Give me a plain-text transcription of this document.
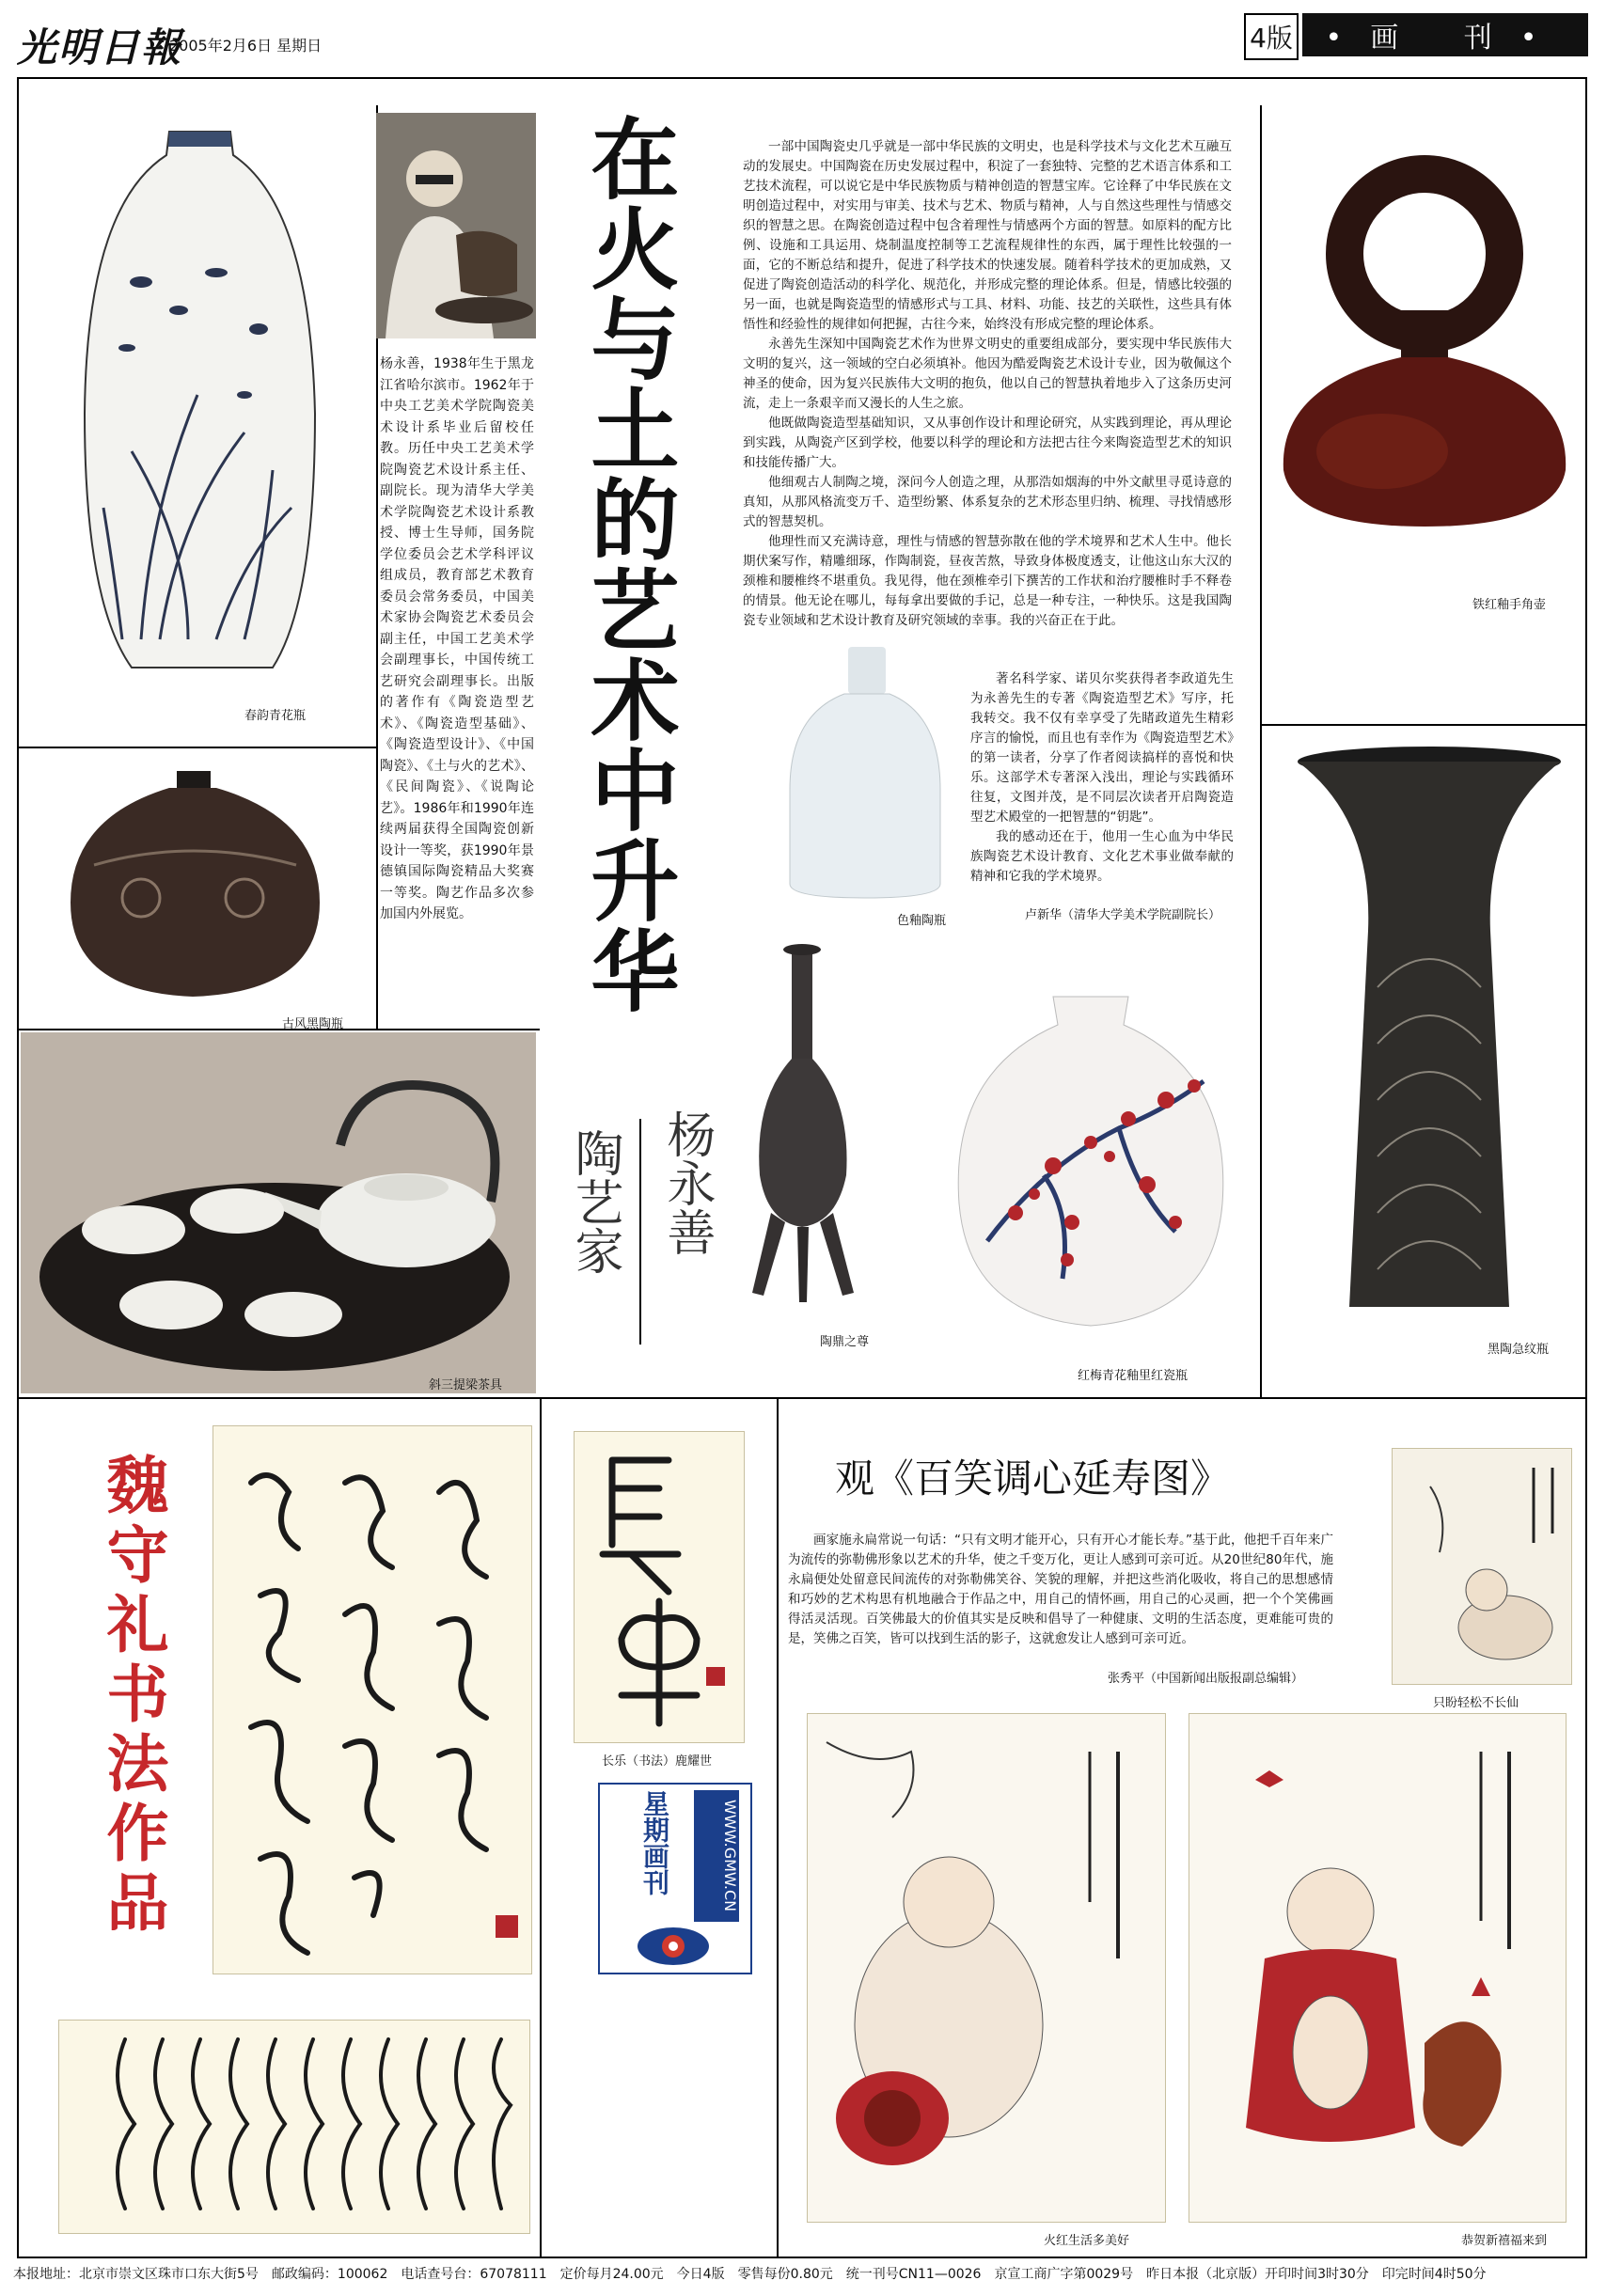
光明日報
2005年2月6日 星期日	4版	•画 刊•
春韵青花瓶

杨永善，1938年生于黑龙江省哈尔滨市。1962年于中央工艺美术学院陶瓷美术设计系毕业后留校任教。历任中央工艺美术学院陶瓷艺术设计系主任、副院长。现为清华大学美术学院陶瓷艺术设计系教授、博士生导师，国务院学位委员会艺术学科评议组成员，教育部艺术教育委员会常务委员，中国美术家协会陶瓷艺术委员会副主任，中国工艺美术学会副理事长，中国传统工艺研究会副理事长。出版的著作有《陶瓷造型艺术》、《陶瓷造型基础》、《陶瓷造型设计》、《中国陶瓷》、《土与火的艺术》、《民间陶瓷》、《说陶论艺》。1986年和1990年连续两届获得全国陶瓷创新设计一等奖，获1990年景德镇国际陶瓷精品大奖赛一等奖。陶艺作品多次参加国内外展览。

古风黑陶瓶
斜三提梁茶具
在火与土的艺术中升华
杨永善
陶艺家

一部中国陶瓷史几乎就是一部中华民族的文明史，也是科学技术与文化艺术互融互动的发展史。中国陶瓷在历史发展过程中，积淀了一套独特、完整的艺术语言体系和工艺技术流程，可以说它是中华民族物质与精神创造的智慧宝库。它诠释了中华民族在文明创造过程中，对实用与审美、技术与艺术、物质与精神，人与自然这些理性与情感交织的智慧之思。在陶瓷创造过程中包含着理性与情感两个方面的智慧。如原料的配方比例、设施和工具运用、烧制温度控制等工艺流程规律性的东西，属于理性比较强的一面，它的不断总结和提升，促进了科学技术的快速发展。随着科学技术的更加成熟，又促进了陶瓷创造活动的科学化、规范化，并形成完整的理论体系。但是，情感比较强的另一面，也就是陶瓷造型的情感形式与工具、材料、功能、技艺的关联性，这些具有体悟性和经验性的规律如何把握，古往今来，始终没有形成完整的理论体系。

永善先生深知中国陶瓷艺术作为世界文明史的重要组成部分，要实现中华民族伟大文明的复兴，这一领域的空白必须填补。他因为酷爱陶瓷艺术设计专业，因为敬佩这个神圣的使命，因为复兴民族伟大文明的抱负，他以自己的智慧执着地步入了这条历史河流，走上一条艰辛而又漫长的人生之旅。

他既做陶瓷造型基础知识，又从事创作设计和理论研究，从实践到理论，再从理论到实践，从陶瓷产区到学校，他要以科学的理论和方法把古往今来陶瓷造型艺术的知识和技能传播广大。

他细观古人制陶之境，深问今人创造之理，从那浩如烟海的中外文献里寻觅诗意的真知，从那风格流变万千、造型纷繁、体系复杂的艺术形态里归纳、梳理、寻找情感形式的智慧契机。

他理性而又充满诗意，理性与情感的智慧弥散在他的学术境界和艺术人生中。他长期伏案写作，精雕细琢，作陶制瓷，昼夜苦熬，导致身体极度透支，让他这山东大汉的颈椎和腰椎终不堪重负。我见得，他在颈椎牵引下撰苦的工作状和治疗腰椎时手不释卷的情景。他无论在哪儿，每每拿出要做的手记，总是一种专注，一种快乐。这是我国陶瓷专业领域和艺术设计教育及研究领域的幸事。我的兴奋正在于此。

著名科学家、诺贝尔奖获得者李政道先生为永善先生的专著《陶瓷造型艺术》写序，托我转交。我不仅有幸享受了先睹政道先生精彩序言的愉悦，而且也有幸作为《陶瓷造型艺术》的第一读者，分享了作者阅读搞样的喜悦和快乐。这部学术专著深入浅出，理论与实践循环往复，文图并茂，是不同层次读者开启陶瓷造型艺术殿堂的一把智慧的“钥匙”。

我的感动还在于，他用一生心血为中华民族陶瓷艺术设计教育、文化艺术事业做奉献的精神和它我的学术境界。

卢新华（清华大学美术学院副院长）
色釉陶瓶
陶鼎之尊
红梅青花釉里红瓷瓶
铁红釉手角壶
黑陶急纹瓶
魏守礼书法作品	长乐（书法）鹿耀世
星期画刊	WWW.GMW.CN
观《百笑调心延寿图》

画家施永扁常说一句话：“只有文明才能开心，只有开心才能长寿。”基于此，他把千百年来广为流传的弥勒佛形象以艺术的升华，使之千变万化，更让人感到可亲可近。从20世纪80年代，施永扁便处处留意民间流传的对弥勒佛笑谷、笑貌的理解，并把这些消化吸收，将自己的思想感情和巧妙的艺术构思有机地融合于作品之中，用自己的情怀画，用自己的心灵画，把一个个笑佛画得活灵活现。百笑佛最大的价值其实是反映和倡导了一种健康、文明的生活态度，更难能可贵的是，笑佛之百笑，皆可以找到生活的影子，这就愈发让人感到可亲可近。

张秀平（中国新闻出版报副总编辑）
只盼轻松不长仙
火红生活多美好	恭贺新禧福来到
本报地址：北京市崇文区珠市口东大街5号　邮政编码：100062　电话查号台：67078111　定价每月24.00元　今日4版　零售每份0.80元　统一刊号CN11—0026　京宣工商广字第0029号　昨日本报（北京版）开印时间3时30分　印完时间4时50分
